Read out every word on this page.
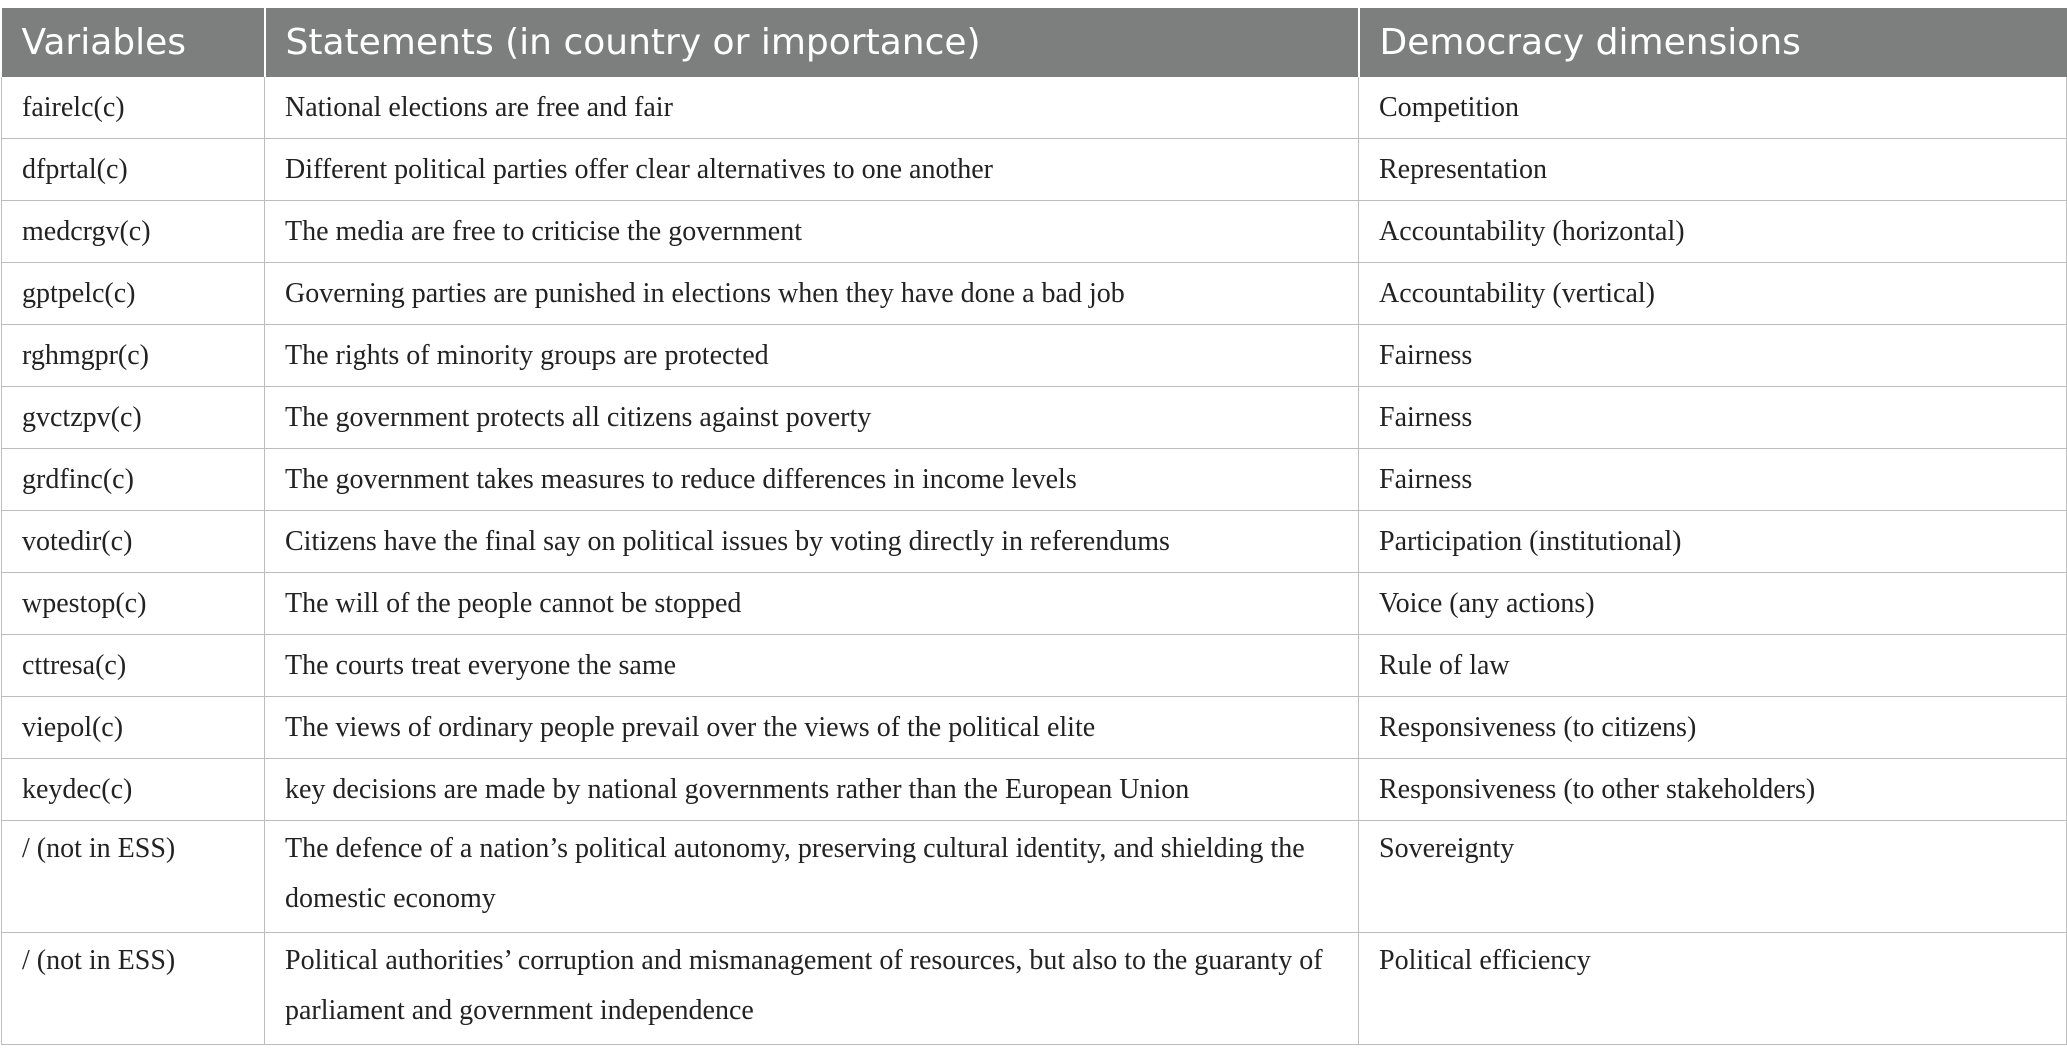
Variables	Statements (in country or importance)	Democracy dimensions
fairelc(c)	National elections are free and fair	Competition
dfprtal(c)	Different political parties offer clear alternatives to one another	Representation
medcrgv(c)	The media are free to criticise the government	Accountability (horizontal)
gptpelc(c)	Governing parties are punished in elections when they have done a bad job	Accountability (vertical)
rghmgpr(c)	The rights of minority groups are protected	Fairness
gvctzpv(c)	The government protects all citizens against poverty	Fairness
grdfinc(c)	The government takes measures to reduce differences in income levels	Fairness
votedir(c)	Citizens have the final say on political issues by voting directly in referendums	Participation (institutional)
wpestop(c)	The will of the people cannot be stopped	Voice (any actions)
cttresa(c)	The courts treat everyone the same	Rule of law
viepol(c)	The views of ordinary people prevail over the views of the political elite	Responsiveness (to citizens)
keydec(c)	key decisions are made by national governments rather than the European Union	Responsiveness (to other stakeholders)
/ (not in ESS)	The defence of a nation’s political autonomy, preserving cultural identity, and shielding the domestic economy	Sovereignty
/ (not in ESS)	Political authorities’ corruption and mismanagement of resources, but also to the guaranty of parliament and government independence	Political efficiency
